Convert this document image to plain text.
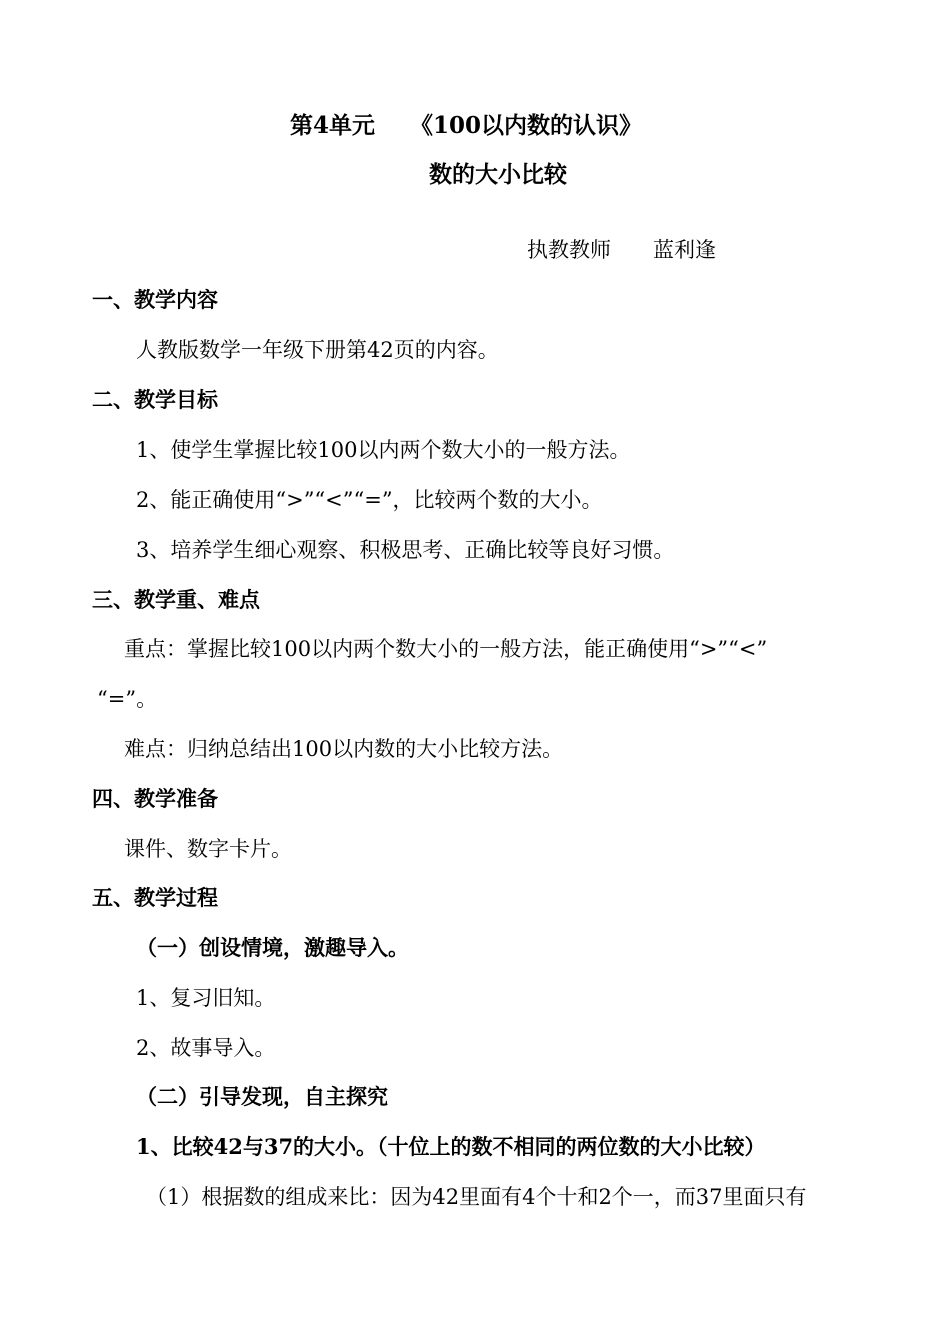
第4单元 《100以内数的认识》
数的大小比较
执教教师　　蓝利逢
一、教学内容
人教版数学一年级下册第42页的内容。
二、教学目标
1、使学生掌握比较100以内两个数大小的一般方法。
2、能正确使用“>”“<”“=”，比较两个数的大小。
3、培养学生细心观察、积极思考、正确比较等良好习惯。
三、教学重、难点
重点：掌握比较100以内两个数大小的一般方法，能正确使用“>”“<”
“=”。
难点：归纳总结出100以内数的大小比较方法。
四、教学准备
课件、数字卡片。
五、教学过程
（一）创设情境，激趣导入。
1、复习旧知。
2、故事导入。
（二）引导发现，自主探究
1、比较42与37的大小。（十位上的数不相同的两位数的大小比较）
（1）根据数的组成来比：因为42里面有4个十和2个一，而37里面只有
